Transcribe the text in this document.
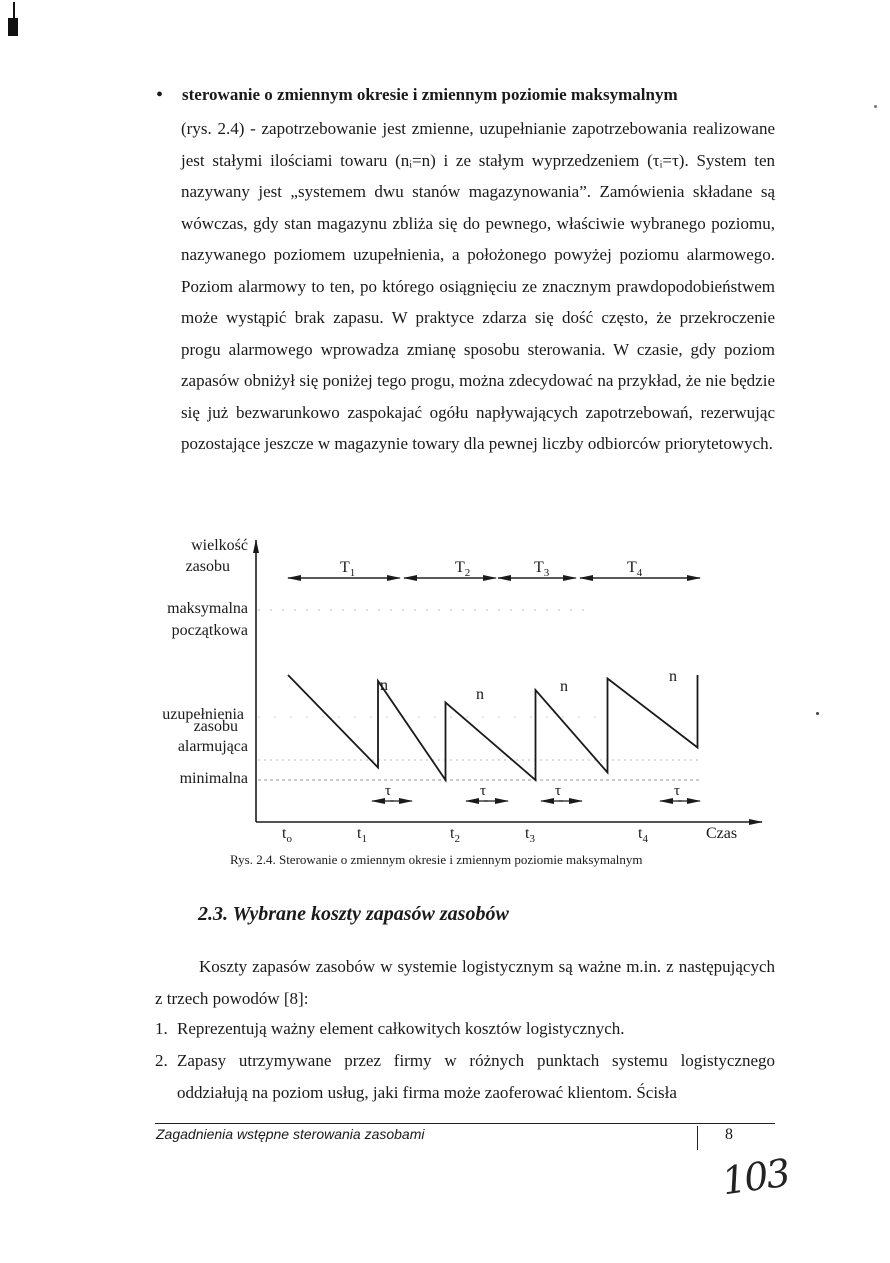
• sterowanie o zmiennym okresie i zmiennym poziomie maksymalnym
(rys. 2.4) - zapotrzebowanie jest zmienne, uzupełnianie zapotrzebowania realizowane jest stałymi ilościami towaru (nᵢ=n) i ze stałym wyprzedzeniem (τᵢ=τ). System ten nazywany jest „systemem dwu stanów magazynowania”. Zamówienia składane są wówczas, gdy stan magazynu zbliża się do pewnego, właściwie wybranego poziomu, nazywanego poziomem uzupełnienia, a położonego powyżej poziomu alarmowego. Poziom alarmowy to ten, po którego osiągnięciu ze znacznym prawdopodobieństwem może wystąpić brak zapasu. W praktyce zdarza się dość często, że przekroczenie progu alarmowego wprowadza zmianę sposobu sterowania. W czasie, gdy poziom zapasów obniżył się poniżej tego progu, można zdecydować na przykład, że nie będzie się już bezwarunkowo zaspokajać ogółu napływających zapotrzebowań, rezerwując pozostające jeszcze w magazynie towary dla pewnej liczby odbiorców priorytetowych.
wielkość
zasobu
maksymalna
początkowa
uzupełnienia
zasobu
alarmująca
minimalna
$T_1$	$T_2$	$T_3$	$T_4$
n
n	n
n
τ	τ	τ	τ
$t_o$	$t_1$	$t_2$	$t_3$	$t_4$	Czas
Rys. 2.4. Sterowanie o zmiennym okresie i zmiennym poziomie maksymalnym
2.3. Wybrane koszty zapasów zasobów
Koszty zapasów zasobów w systemie logistycznym są ważne m.in. z następujących z trzech powodów [8]:
1. Reprezentują ważny element całkowitych kosztów logistycznych.
2. Zapasy utrzymywane przez firmy w różnych punktach systemu logistycznego oddziałują na poziom usług, jaki firma może zaoferować klientom. Ścisła
Zagadnienia wstępne sterowania zasobami	8
103
